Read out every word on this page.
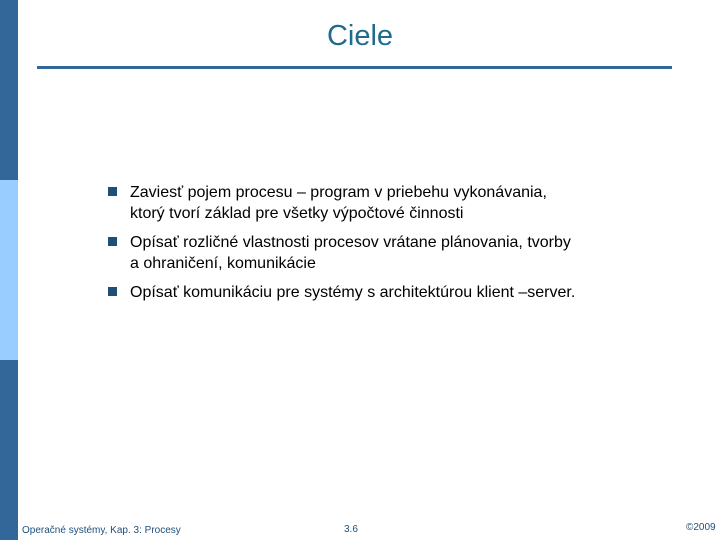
Ciele
Zaviesť pojem procesu – program v priebehu vykonávania,
ktorý tvorí základ pre všetky výpočtové činnosti
Opísať rozličné vlastnosti procesov vrátane plánovania, tvorby
a ohraničení, komunikácie
Opísať komunikáciu pre systémy s architektúrou klient –server.
Operačné systémy, Kap. 3: Procesy	3.6	©2009
